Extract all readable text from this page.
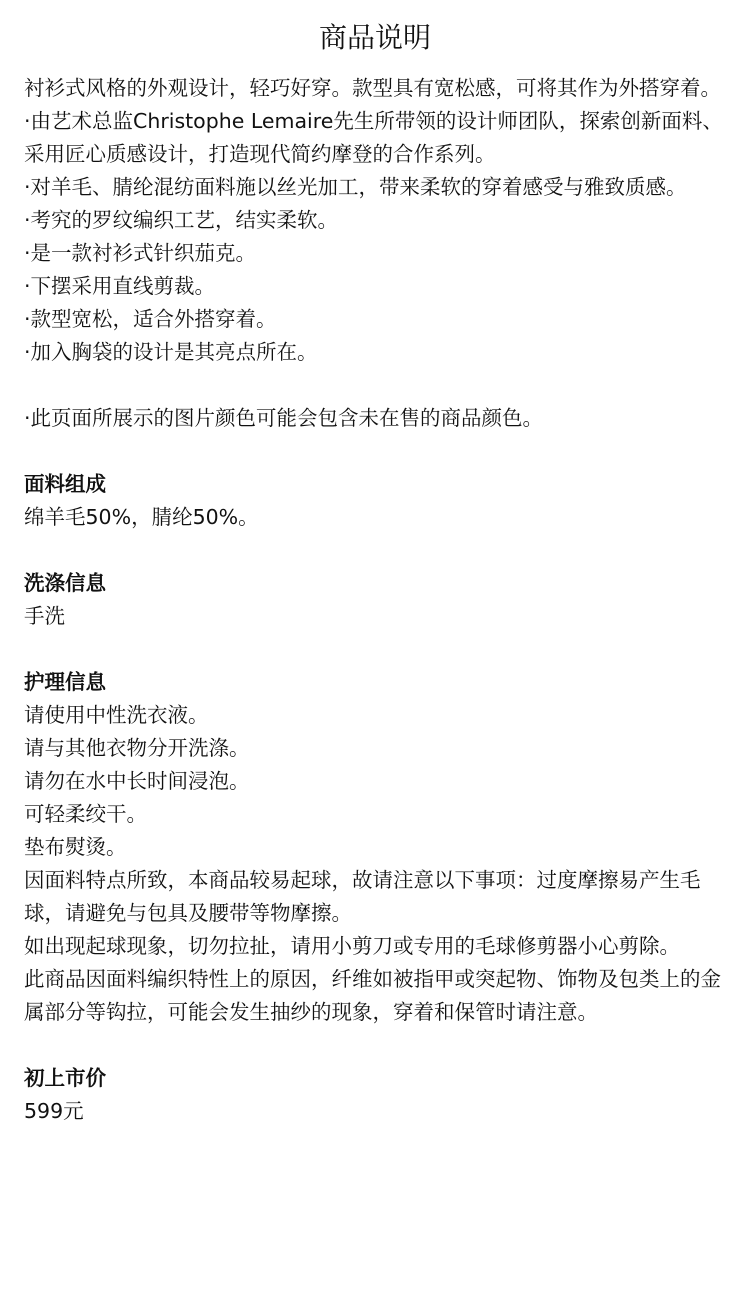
商品说明

衬衫式风格的外观设计，轻巧好穿。款型具有宽松感，可将其作为外搭穿着。

·由艺术总监Christophe Lemaire先生所带领的设计师团队，探索创新面料、采用匠心质感设计，打造现代简约摩登的合作系列。

·对羊毛、腈纶混纺面料施以丝光加工，带来柔软的穿着感受与雅致质感。

·考究的罗纹编织工艺，结实柔软。

·是一款衬衫式针织茄克。

·下摆采用直线剪裁。

·款型宽松，适合外搭穿着。

·加入胸袋的设计是其亮点所在。

·此页面所展示的图片颜色可能会包含未在售的商品颜色。

面料组成

绵羊毛50%，腈纶50%。

洗涤信息

手洗

护理信息

请使用中性洗衣液。

请与其他衣物分开洗涤。

请勿在水中长时间浸泡。

可轻柔绞干。

垫布熨烫。

因面料特点所致，本商品较易起球，故请注意以下事项：过度摩擦易产生毛球，请避免与包具及腰带等物摩擦。

如出现起球现象，切勿拉扯，请用小剪刀或专用的毛球修剪器小心剪除。

此商品因面料编织特性上的原因，纤维如被指甲或突起物、饰物及包类上的金属部分等钩拉，可能会发生抽纱的现象，穿着和保管时请注意。

初上市价

599元
